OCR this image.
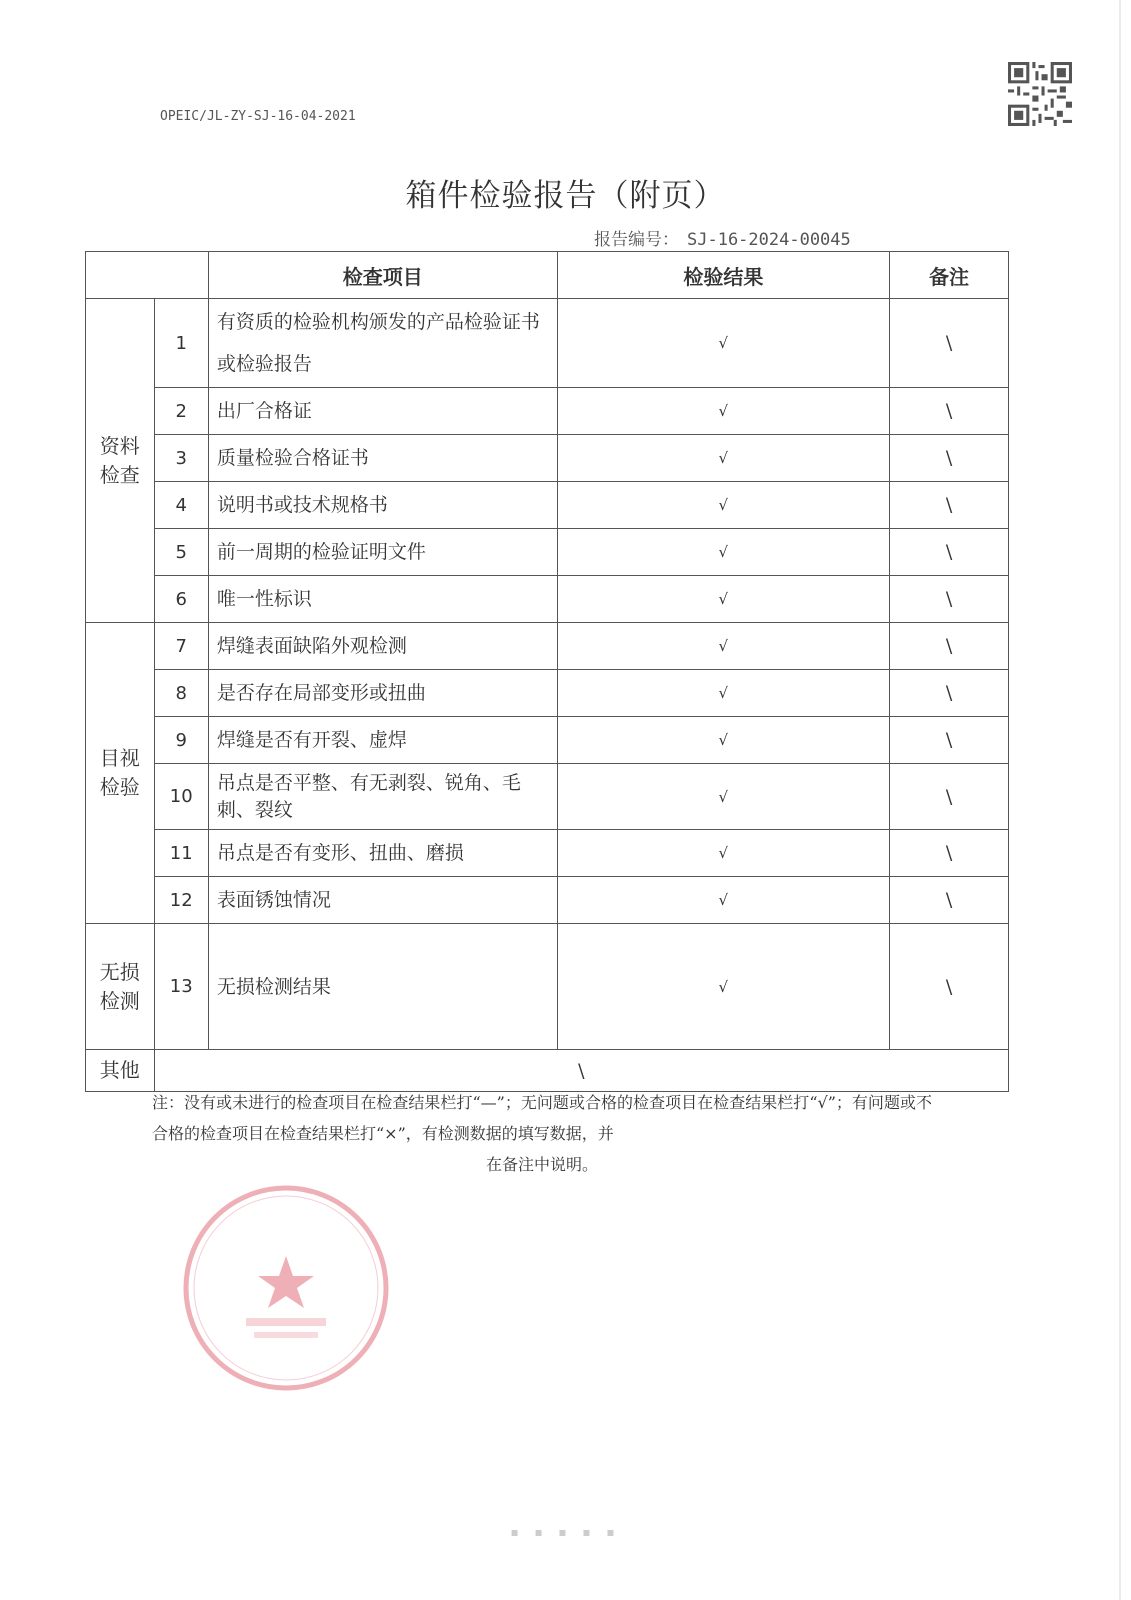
OPEIC/JL-ZY-SJ-16-04-2021
箱件检验报告（附页）
报告编号： SJ-16-2024-00045
		检查项目	检验结果	备注

资料检查	1	有资质的检验机构颁发的产品检验证书或检验报告	√	\
	2	出厂合格证	√	\
	3	质量检验合格证书	√	\
	4	说明书或技术规格书	√	\
	5	前一周期的检验证明文件	√	\
	6	唯一性标识	√	\

目视检验	7	焊缝表面缺陷外观检测	√	\
	8	是否存在局部变形或扭曲	√	\
	9	焊缝是否有开裂、虚焊	√	\
	10	吊点是否平整、有无剥裂、锐角、毛刺、裂纹	√	\
	11	吊点是否有变形、扭曲、磨损	√	\
	12	表面锈蚀情况	√	\

无损检测	13	无损检测结果	√	\
其他	\			
注：没有或未进行的检查项目在检查结果栏打“—”；无问题或合格的检查项目在检查结果栏打“√”；有问题或不合格的检查项目在检查结果栏打“×”，有检测数据的填写数据，并
在备注中说明。
▪ ▪ ▪ ▪ ▪
